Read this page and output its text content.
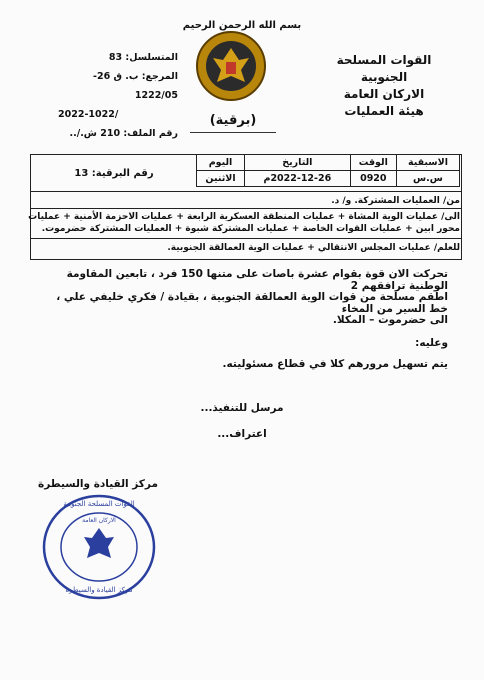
بسم الله الرحمن الرحيم
القوات المسلحة الجنوبية
الاركان العامة
هيئة العمليات
المتسلسل: 83
المرجع: ب. ق 26-1222/05
/2022-1022
رقم الملف: 210 ش./..
(برقية)
الاسبقية	الوقت	التاريخ	اليوم
س.س	0920	2022-12-26م	الاثنين
رقم البرقية: 13
من/ العمليات المشتركة. و/ د.
الى/ عمليات الوية المشاة + عمليات المنطقة العسكرية الرابعة + عمليات الاحزمة الأمنية + عمليات محور ابين + عمليات القوات الخاصة + عمليات المشتركة شبوة + العمليات المشتركة حضرموت.
للعلم/ عمليات المجلس الانتقالي + عمليات الوية العمالقة الجنوبية.
تحركت الان قوة بقوام عشرة باصات على متنها 150 فرد ، تابعين المقاومة الوطنية ترافقهم 2
اطقم مسلحة من قوات الوية العمالقة الجنوبية ، بقيادة / فكري خليفي علي ، خط السير من المخاء
الى حضرموت – المكلا.
وعليه:
يتم تسهيل مرورهم كلا في قطاع مسئوليته.
مرسل للتنفيذ...
اعتراف...
مركز القيادة والسيطرة
القوات المسلحة الجنوبية
الاركان العامة
مركز القيادة والسيطرة
